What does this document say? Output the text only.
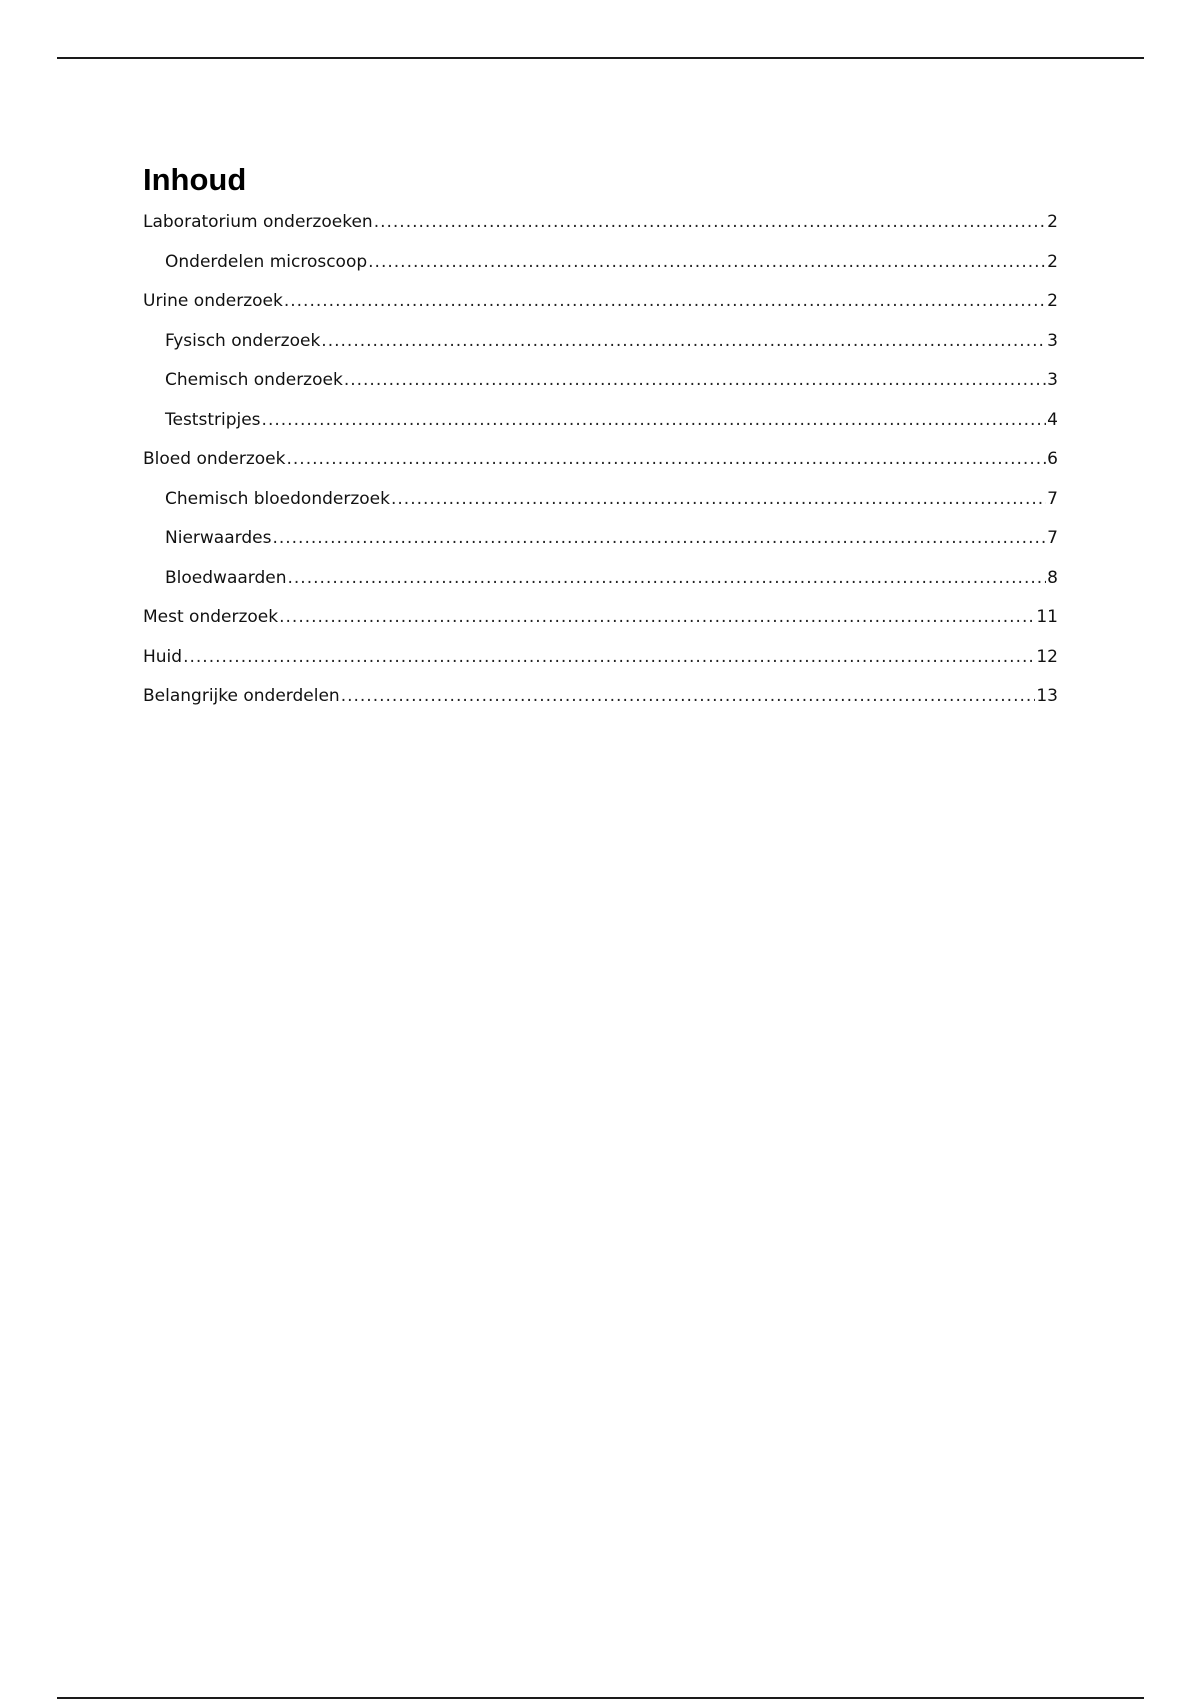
Inhoud
Laboratorium onderzoeken .....	2
Onderdelen microscoop .....	2
Urine onderzoek .....	2
Fysisch onderzoek .....	3
Chemisch onderzoek .....	3
Teststripjes .....	4
Bloed onderzoek .....	6
Chemisch bloedonderzoek .....	7
Nierwaardes .....	7
Bloedwaarden .....	8
Mest onderzoek .....	11
Huid .....	12
Belangrijke onderdelen .....	13
